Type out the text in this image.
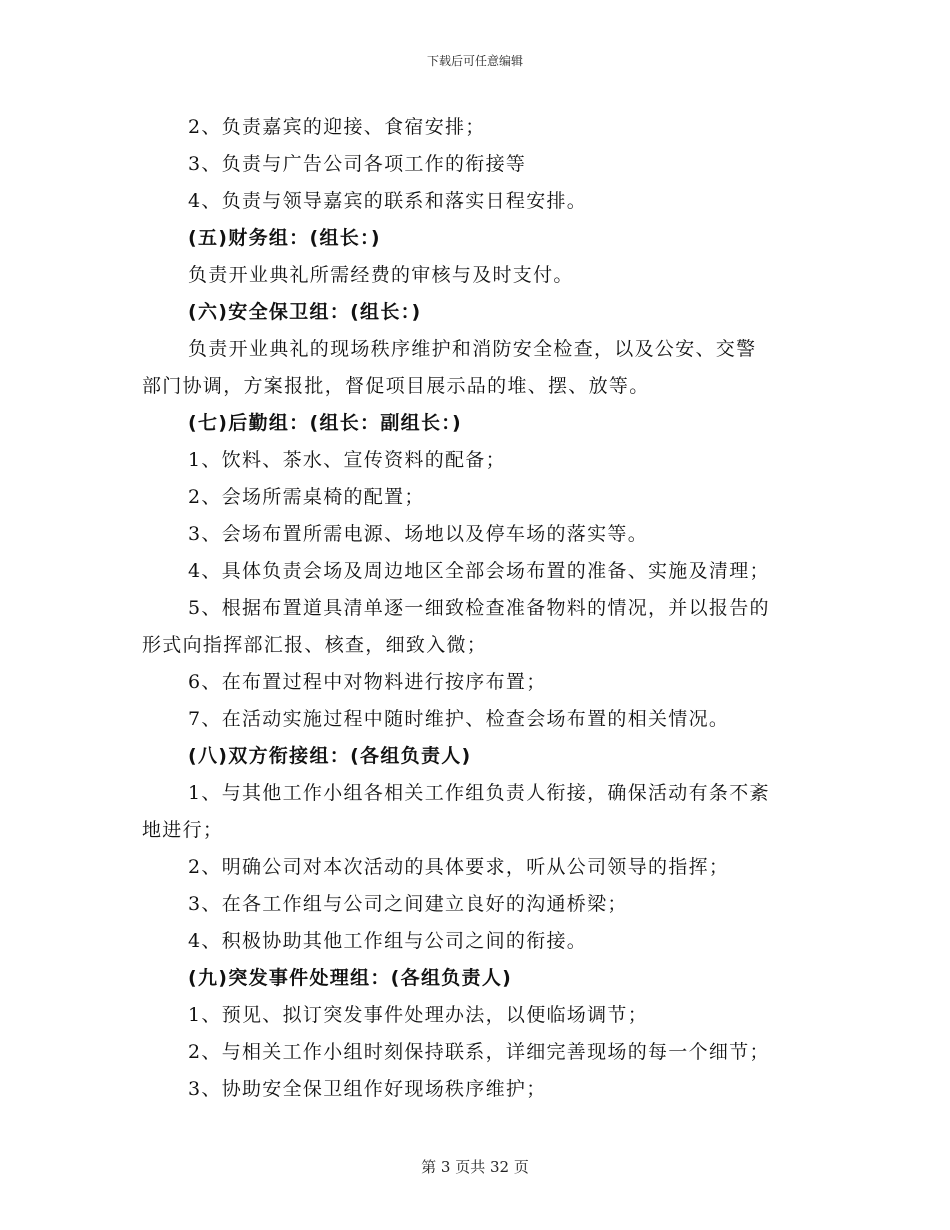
下载后可任意编辑
2、负责嘉宾的迎接、食宿安排；
3、负责与广告公司各项工作的衔接等
4、负责与领导嘉宾的联系和落实日程安排。
(五)财务组：(组长：)
负责开业典礼所需经费的审核与及时支付。
(六)安全保卫组：(组长：)
负责开业典礼的现场秩序维护和消防安全检查，以及公安、交警
部门协调，方案报批，督促项目展示品的堆、摆、放等。
(七)后勤组：(组长：副组长：)
1、饮料、茶水、宣传资料的配备；
2、会场所需桌椅的配置；
3、会场布置所需电源、场地以及停车场的落实等。
4、具体负责会场及周边地区全部会场布置的准备、实施及清理；
5、根据布置道具清单逐一细致检查准备物料的情况，并以报告的
形式向指挥部汇报、核查，细致入微；
6、在布置过程中对物料进行按序布置；
7、在活动实施过程中随时维护、检查会场布置的相关情况。
(八)双方衔接组：(各组负责人)
1、与其他工作小组各相关工作组负责人衔接，确保活动有条不紊
地进行；
2、明确公司对本次活动的具体要求，听从公司领导的指挥；
3、在各工作组与公司之间建立良好的沟通桥梁；
4、积极协助其他工作组与公司之间的衔接。
(九)突发事件处理组：(各组负责人)
1、预见、拟订突发事件处理办法，以便临场调节；
2、与相关工作小组时刻保持联系，详细完善现场的每一个细节；
3、协助安全保卫组作好现场秩序维护；
第 3 页共 32 页
